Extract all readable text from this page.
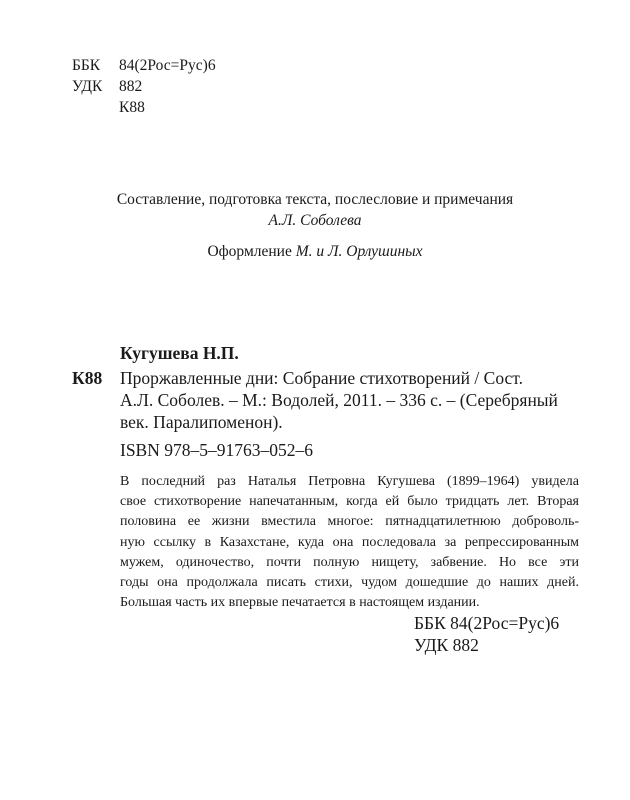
ББК	84(2Рос=Рус)6
УДК	882
К88
Составление, подготовка текста, послесловие и примечания
А.Л. Соболева
Оформление М. и Л. Орлушиных
Кугушева Н.П.
К88 Проржавленные дни: Собрание стихотворений / Сост.
А.Л. Соболев. – М.: Водолей, 2011. – 336 с. – (Серебряный
век. Паралипоменон).
ISBN 978–5–91763–052–6
В последний раз Наталья Петровна Кугушева (1899–1964) увидела
свое стихотворение напечатанным, когда ей было тридцать лет. Вторая
половина ее жизни вместила многое: пятнадцатилетнюю доброволь-
ную ссылку в Казахстане, куда она последовала за репрессированным
мужем, одиночество, почти полную нищету, забвение. Но все эти
годы она продолжала писать стихи, чудом дошедшие до наших дней.
Большая часть их впервые печатается в настоящем издании.
ББК 84(2Рос=Рус)6
УДК 882
